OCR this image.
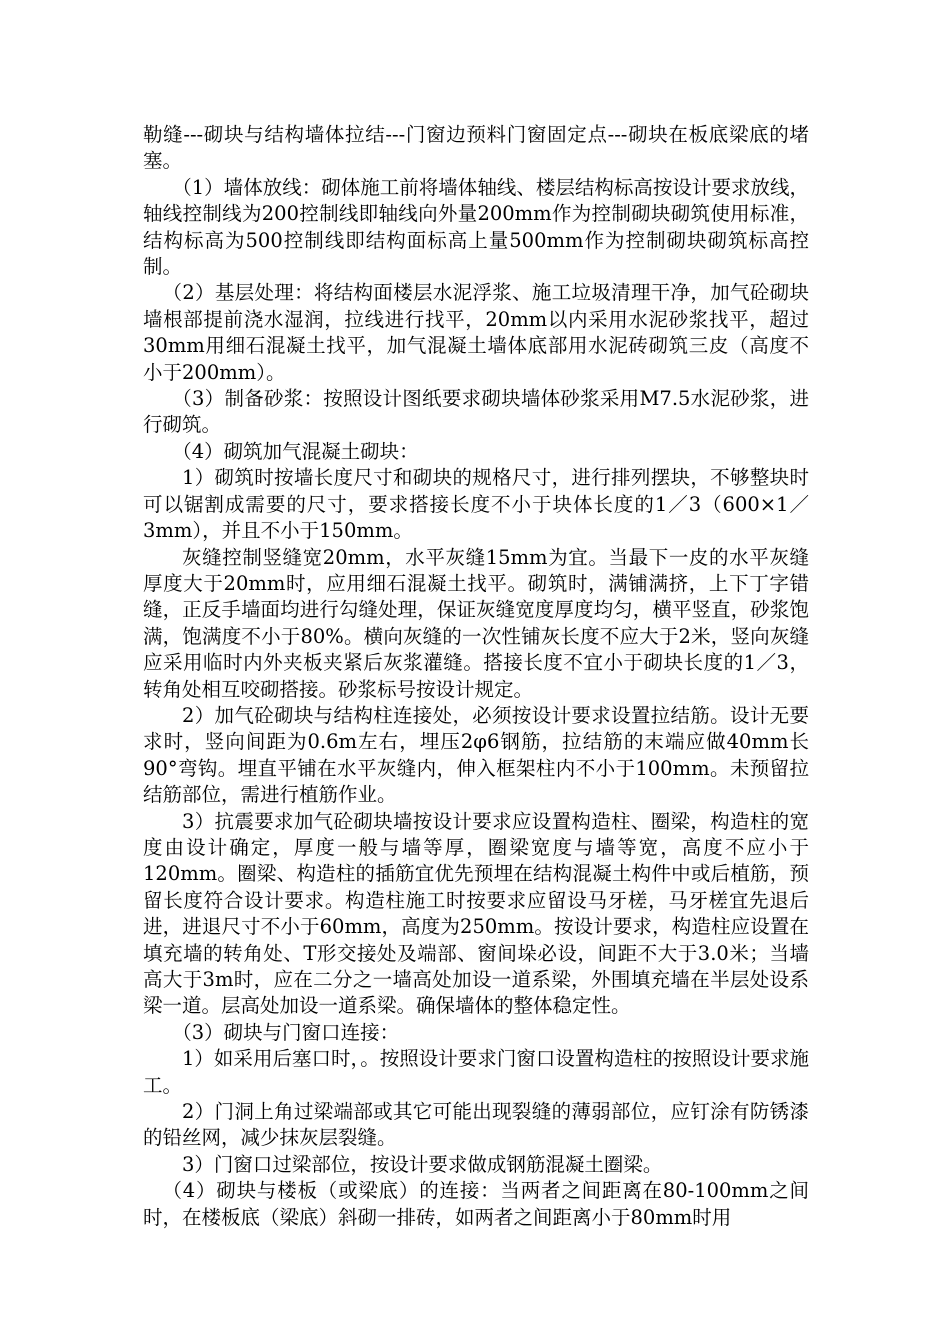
勒缝---砌块与结构墙体拉结---门窗边预料门窗固定点---砌块在板底梁底的堵塞。

（1）墙体放线：砌体施工前将墙体轴线、楼层结构标高按设计要求放线，轴线控制线为200控制线即轴线向外量200mm作为控制砌块砌筑使用标准，结构标高为500控制线即结构面标高上量500mm作为控制砌块砌筑标高控制。

（2）基层处理：将结构面楼层水泥浮浆、施工垃圾清理干净，加气砼砌块墙根部提前浇水湿润，拉线进行找平，20mm以内采用水泥砂浆找平，超过30mm用细石混凝土找平，加气混凝土墙体底部用水泥砖砌筑三皮（高度不小于200mm）。

（3）制备砂浆：按照设计图纸要求砌块墙体砂浆采用M7.5水泥砂浆，进行砌筑。

（4）砌筑加气混凝土砌块：

1）砌筑时按墙长度尺寸和砌块的规格尺寸，进行排列摆块，不够整块时可以锯割成需要的尺寸，要求搭接长度不小于块体长度的1／3（600×1／3mm），并且不小于150mm。

灰缝控制竖缝宽20mm，水平灰缝15mm为宜。当最下一皮的水平灰缝厚度大于20mm时，应用细石混凝土找平。砌筑时，满铺满挤，上下丁字错缝，正反手墙面均进行勾缝处理，保证灰缝宽度厚度均匀，横平竖直，砂浆饱满，饱满度不小于80%。横向灰缝的一次性铺灰长度不应大于2米，竖向灰缝应采用临时内外夹板夹紧后灰浆灌缝。搭接长度不宜小于砌块长度的1／3，转角处相互咬砌搭接。砂浆标号按设计规定。

2）加气砼砌块与结构柱连接处，必须按设计要求设置拉结筋。设计无要求时，竖向间距为0.6m左右，埋压2φ6钢筋，拉结筋的末端应做40mm长90°弯钩。埋直平铺在水平灰缝内，伸入框架柱内不小于100mm。未预留拉结筋部位，需进行植筋作业。

3）抗震要求加气砼砌块墙按设计要求应设置构造柱、圈梁，构造柱的宽度由设计确定，厚度一般与墙等厚，圈梁宽度与墙等宽，高度不应小于120mm。圈梁、构造柱的插筋宜优先预埋在结构混凝土构件中或后植筋，预留长度符合设计要求。构造柱施工时按要求应留设马牙槎，马牙槎宜先退后进，进退尺寸不小于60mm，高度为250mm。按设计要求，构造柱应设置在填充墙的转角处、T形交接处及端部、窗间垛必设，间距不大于3.0米；当墙高大于3m时，应在二分之一墙高处加设一道系梁，外围填充墙在半层处设系梁一道。层高处加设一道系梁。确保墙体的整体稳定性。

（3）砌块与门窗口连接：

1）如采用后塞口时，。按照设计要求门窗口设置构造柱的按照设计要求施工。

2）门洞上角过梁端部或其它可能出现裂缝的薄弱部位，应钉涂有防锈漆的铅丝网，减少抹灰层裂缝。

3）门窗口过梁部位，按设计要求做成钢筋混凝土圈梁。

（4）砌块与楼板（或梁底）的连接：当两者之间距离在80-100mm之间时，在楼板底（梁底）斜砌一排砖，如两者之间距离小于80mm时用
